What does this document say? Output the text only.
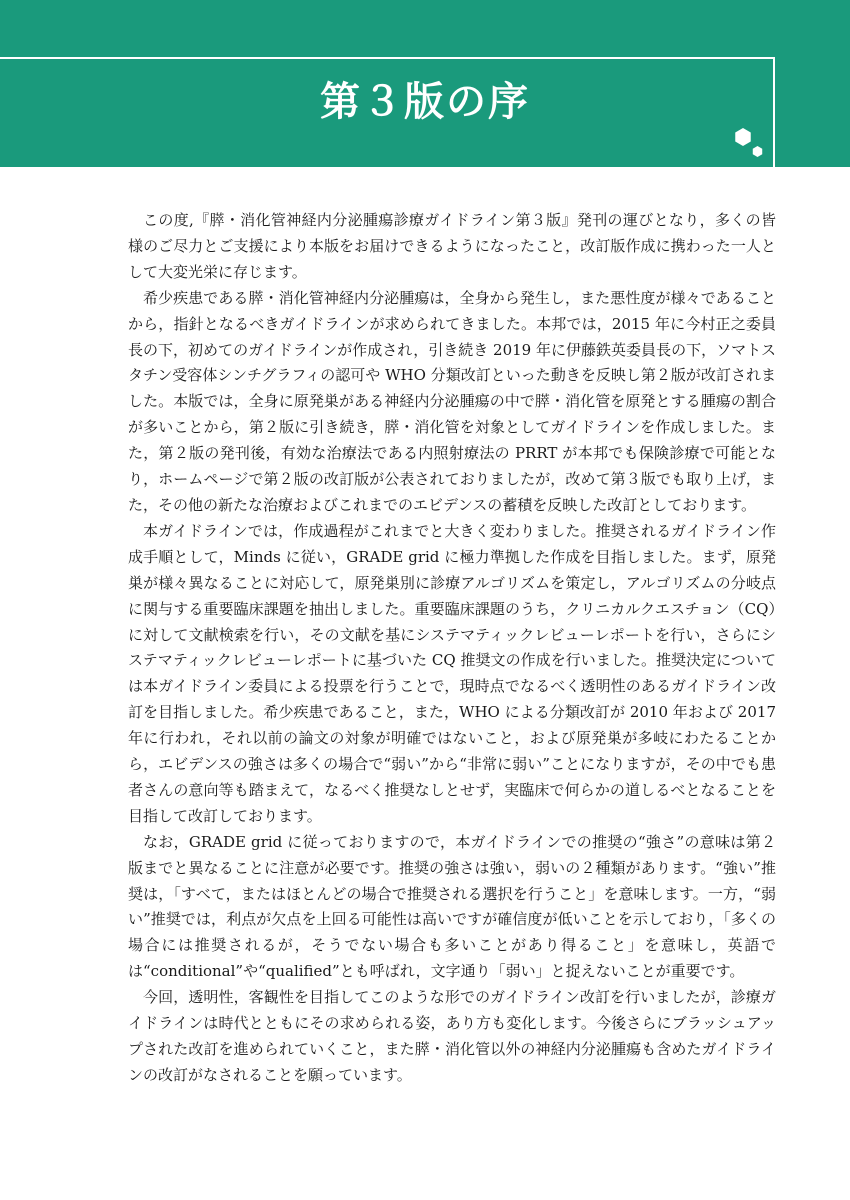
第３版の序

この度,『膵・消化管神経内分泌腫瘍診療ガイドライン第３版』発刊の運びとなり，多くの皆様のご尽力とご支援により本版をお届けできるようになったこと，改訂版作成に携わった一人として大変光栄に存じます。

希少疾患である膵・消化管神経内分泌腫瘍は，全身から発生し，また悪性度が様々であることから，指針となるべきガイドラインが求められてきました。本邦では，2015 年に今村正之委員長の下，初めてのガイドラインが作成され，引き続き 2019 年に伊藤鉄英委員長の下，ソマトスタチン受容体シンチグラフィの認可や WHO 分類改訂といった動きを反映し第２版が改訂されました。本版では，全身に原発巣がある神経内分泌腫瘍の中で膵・消化管を原発とする腫瘍の割合が多いことから，第２版に引き続き，膵・消化管を対象としてガイドラインを作成しました。また，第２版の発刊後，有効な治療法である内照射療法の PRRT が本邦でも保険診療で可能となり，ホームページで第２版の改訂版が公表されておりましたが，改めて第３版でも取り上げ，また，その他の新たな治療およびこれまでのエビデンスの蓄積を反映した改訂としております。

本ガイドラインでは，作成過程がこれまでと大きく変わりました。推奨されるガイドライン作成手順として，Minds に従い，GRADE grid に極力準拠した作成を目指しました。まず，原発巣が様々異なることに対応して，原発巣別に診療アルゴリズムを策定し，アルゴリズムの分岐点に関与する重要臨床課題を抽出しました。重要臨床課題のうち，クリニカルクエスチョン（CQ）に対して文献検索を行い，その文献を基にシステマティックレビューレポートを行い，さらにシステマティックレビューレポートに基づいた CQ 推奨文の作成を行いました。推奨決定については本ガイドライン委員による投票を行うことで，現時点でなるべく透明性のあるガイドライン改訂を目指しました。希少疾患であること，また，WHO による分類改訂が 2010 年および 2017 年に行われ，それ以前の論文の対象が明確ではないこと，および原発巣が多岐にわたることから，エビデンスの強さは多くの場合で“弱い”から“非常に弱い”ことになりますが，その中でも患者さんの意向等も踏まえて，なるべく推奨なしとせず，実臨床で何らかの道しるべとなることを目指して改訂しております。

なお，GRADE grid に従っておりますので，本ガイドラインでの推奨の“強さ”の意味は第２版までと異なることに注意が必要です。推奨の強さは強い，弱いの２種類があります。“強い”推奨は，「すべて，またはほとんどの場合で推奨される選択を行うこと」を意味します。一方，“弱い”推奨では，利点が欠点を上回る可能性は高いですが確信度が低いことを示しており，「多くの場合には推奨されるが，そうでない場合も多いことがあり得ること」を意味し，英語では“conditional”や“qualified”とも呼ばれ，文字通り「弱い」と捉えないことが重要です。

今回，透明性，客観性を目指してこのような形でのガイドライン改訂を行いましたが，診療ガイドラインは時代とともにその求められる姿，あり方も変化します。今後さらにブラッシュアップされた改訂を進められていくこと，また膵・消化管以外の神経内分泌腫瘍も含めたガイドラインの改訂がなされることを願っています。
